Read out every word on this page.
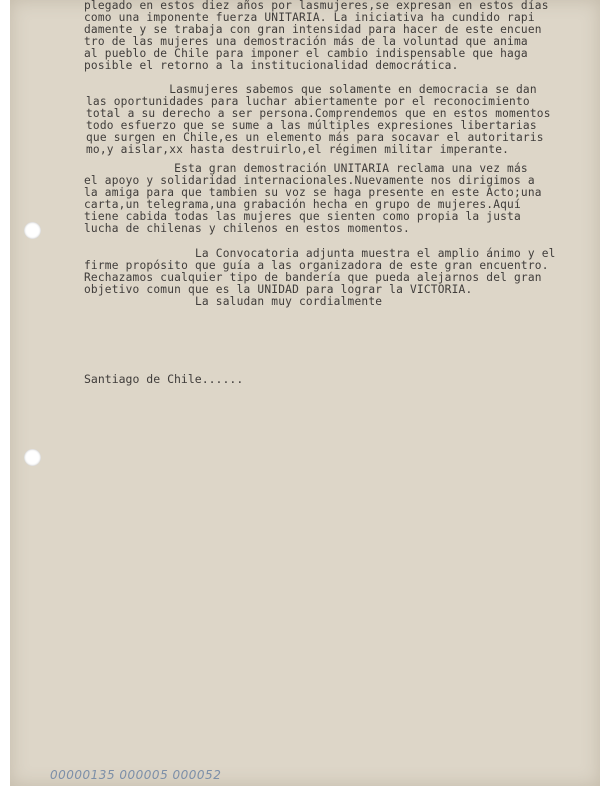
plegado en estos diez años por lasmujeres,se expresan en estos días
como una imponente fuerza UNITARIA. La iniciativa ha cundido rapi
damente y se trabaja con gran intensidad para hacer de este encuen
tro de las mujeres una demostración más de la voluntad que anima
al pueblo de Chile para imponer el cambio indispensable que haga
posible el retorno a la institucionalidad democrática.
Lasmujeres sabemos que solamente en democracia se dan
las oportunidades para luchar abiertamente por el reconocimiento
total a su derecho a ser persona.Comprendemos que en estos momentos
todo esfuerzo que se sume a las múltiples expresiones libertarias
que surgen en Chile,es un elemento más para socavar el autoritaris
mo,y aislar,xx hasta destruirlo,el régimen militar imperante.
Esta gran demostración UNITARIA reclama una vez más
el apoyo y solidaridad internacionales.Nuevamente nos dirigimos a
la amiga para que tambien su voz se haga presente en este Acto;una
carta,un telegrama,una grabación hecha en grupo de mujeres.Aquí
tiene cabida todas las mujeres que sienten como propia la justa
lucha de chilenas y chilenos en estos momentos.
La Convocatoria adjunta muestra el amplio ánimo y el
firme propósito que guía a las organizadora de este gran encuentro.
Rechazamos cualquier tipo de bandería que pueda alejarnos del gran
objetivo comun que es la UNIDAD para lograr la VICTORIA.
La saludan muy cordialmente
Santiago de Chile......
00000135 000005 000052
